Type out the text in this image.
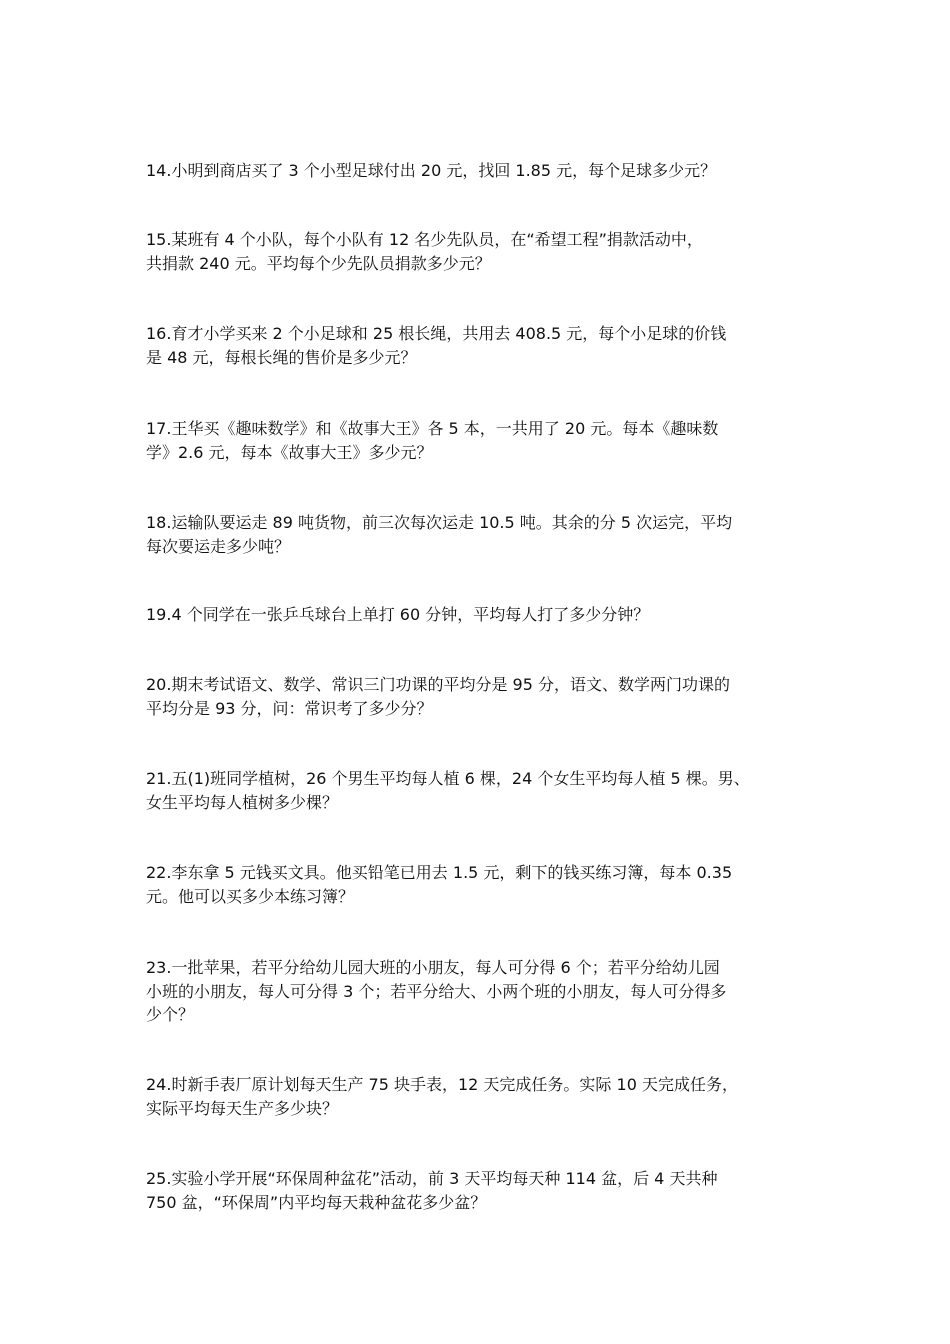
14.小明到商店买了 3 个小型足球付出 20 元，找回 1.85 元，每个足球多少元？

15.某班有 4 个小队，每个小队有 12 名少先队员，在“希望工程”捐款活动中，
共捐款 240 元。平均每个少先队员捐款多少元？

16.育才小学买来 2 个小足球和 25 根长绳，共用去 408.5 元，每个小足球的价钱
是 48 元，每根长绳的售价是多少元？

17.王华买《趣味数学》和《故事大王》各 5 本，一共用了 20 元。每本《趣味数
学》2.6 元，每本《故事大王》多少元？

18.运输队要运走 89 吨货物，前三次每次运走 10.5 吨。其余的分 5 次运完，平均
每次要运走多少吨？

19.4 个同学在一张乒乓球台上单打 60 分钟，平均每人打了多少分钟？

20.期末考试语文、数学、常识三门功课的平均分是 95 分，语文、数学两门功课的
平均分是 93 分，问：常识考了多少分？

21.五(1)班同学植树，26 个男生平均每人植 6 棵，24 个女生平均每人植 5 棵。男、
女生平均每人植树多少棵？

22.李东拿 5 元钱买文具。他买铅笔已用去 1.5 元，剩下的钱买练习簿，每本 0.35
元。他可以买多少本练习簿？

23.一批苹果，若平分给幼儿园大班的小朋友，每人可分得 6 个；若平分给幼儿园
小班的小朋友，每人可分得 3 个；若平分给大、小两个班的小朋友，每人可分得多
少个？

24.时新手表厂原计划每天生产 75 块手表，12 天完成任务。实际 10 天完成任务，
实际平均每天生产多少块？

25.实验小学开展“环保周种盆花”活动，前 3 天平均每天种 114 盆，后 4 天共种
750 盆，“环保周”内平均每天栽种盆花多少盆？
